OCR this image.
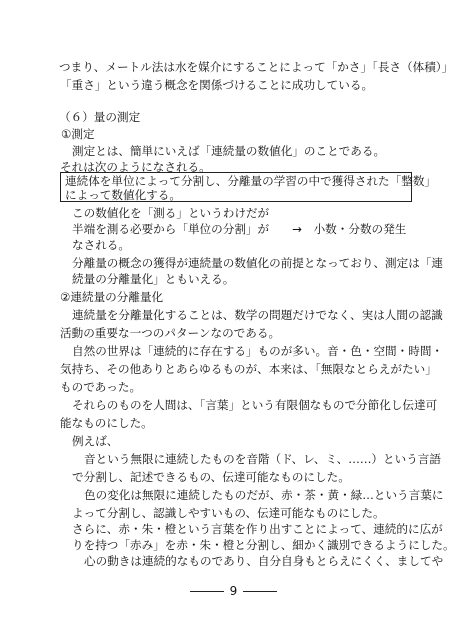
つまり、メートル法は水を媒介にすることによって「かさ」「長さ（体積）」
「重さ」という違う概念を関係づけることに成功している。
（６）量の測定
①測定
測定とは、簡単にいえば「連続量の数値化」のことである。
それは次のようになされる。
連続体を単位によって分割し、分離量の学習の中で獲得された「整数」
によって数値化する。
この数値化を「測る」というわけだが
半端を測る必要から「単位の分割」が　　→　小数・分数の発生
なされる。
分離量の概念の獲得が連続量の数値化の前提となっており、測定は「連
続量の分離量化」ともいえる。
②連続量の分離量化
連続量を分離量化することは、数学の問題だけでなく、実は人間の認識
活動の重要な一つのパターンなのである。
自然の世界は「連続的に存在する」ものが多い。音・色・空間・時間・
気持ち、その他ありとあらゆるものが、本来は、「無限なとらえがたい」
ものであった。
それらのものを人間は、「言葉」という有限個なもので分節化し伝達可
能なものにした。
例えば、
音という無限に連続したものを音階（ド、レ、ミ、……）という言語
で分割し、記述できるもの、伝達可能なものにした。
色の変化は無限に連続したものだが、赤・茶・黄・緑…という言葉に
よって分割し、認識しやすいもの、伝達可能なものにした。
さらに、赤・朱・橙という言葉を作り出すことによって、連続的に広が
りを持つ「赤み」を赤・朱・橙と分割し、細かく識別できるようにした。
心の動きは連続的なものであり、自分自身もとらえにくく、ましてや
9
